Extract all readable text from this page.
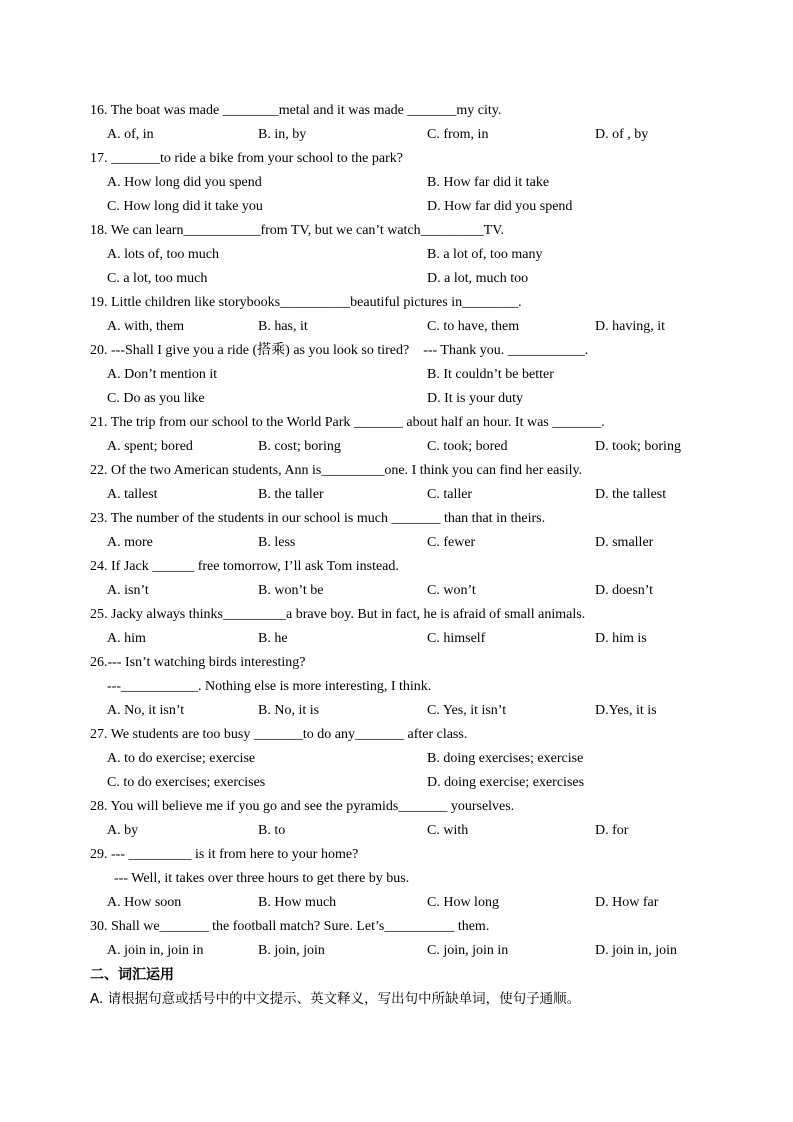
16. The boat was made ________metal and it was made _______my city.
A. of, in	B. in, by	C. from, in	D. of , by
17. _______to ride a bike from your school to the park?
A. How long did you spend	B. How far did it take
C. How long did it take you	D. How far did you spend
18. We can learn___________from TV, but we can’t watch_________TV.
A. lots of, too much	B. a lot of, too many
C. a lot, too much	D. a lot, much too
19. Little children like storybooks__________beautiful pictures in________.
A. with, them	B. has, it	C. to have, them	D. having, it
20. ---Shall I give you a ride (搭乘) as you look so tired?    --- Thank you. ___________.
A. Don’t mention it	B. It couldn’t be better
C. Do as you like	D. It is your duty
21. The trip from our school to the World Park _______ about half an hour. It was _______.
A. spent; bored	B. cost; boring	C. took; bored	D. took; boring
22. Of the two American students, Ann is_________one. I think you can find her easily.
A. tallest	B. the taller	C. taller	D. the tallest
23. The number of the students in our school is much _______ than that in theirs.
A. more	B. less	C. fewer	D. smaller
24. If Jack ______ free tomorrow, I’ll ask Tom instead.
A. isn’t	B. won’t be	C. won’t	D. doesn’t
25. Jacky always thinks_________a brave boy. But in fact, he is afraid of small animals.
A. him	B. he	C. himself	D. him is
26.--- Isn’t watching birds interesting?
---___________. Nothing else is more interesting, I think.
A. No, it isn’t	B. No, it is	C. Yes, it isn’t	D.Yes, it is
27. We students are too busy _______to do any_______ after class.
A. to do exercise; exercise	B. doing exercises; exercise
C. to do exercises; exercises	D. doing exercise; exercises
28. You will believe me if you go and see the pyramids_______ yourselves.
A. by	B. to	C. with	D. for
29. --- _________ is it from here to your home?
--- Well, it takes over three hours to get there by bus.
A. How soon	B. How much	C. How long	D. How far
30. Shall we_______ the football match? Sure. Let’s__________ them.
A. join in, join in	B. join, join	C. join, join in	D. join in, join
二、词汇运用
A. 请根据句意或括号中的中文提示、英文释义，写出句中所缺单词，使句子通顺。
